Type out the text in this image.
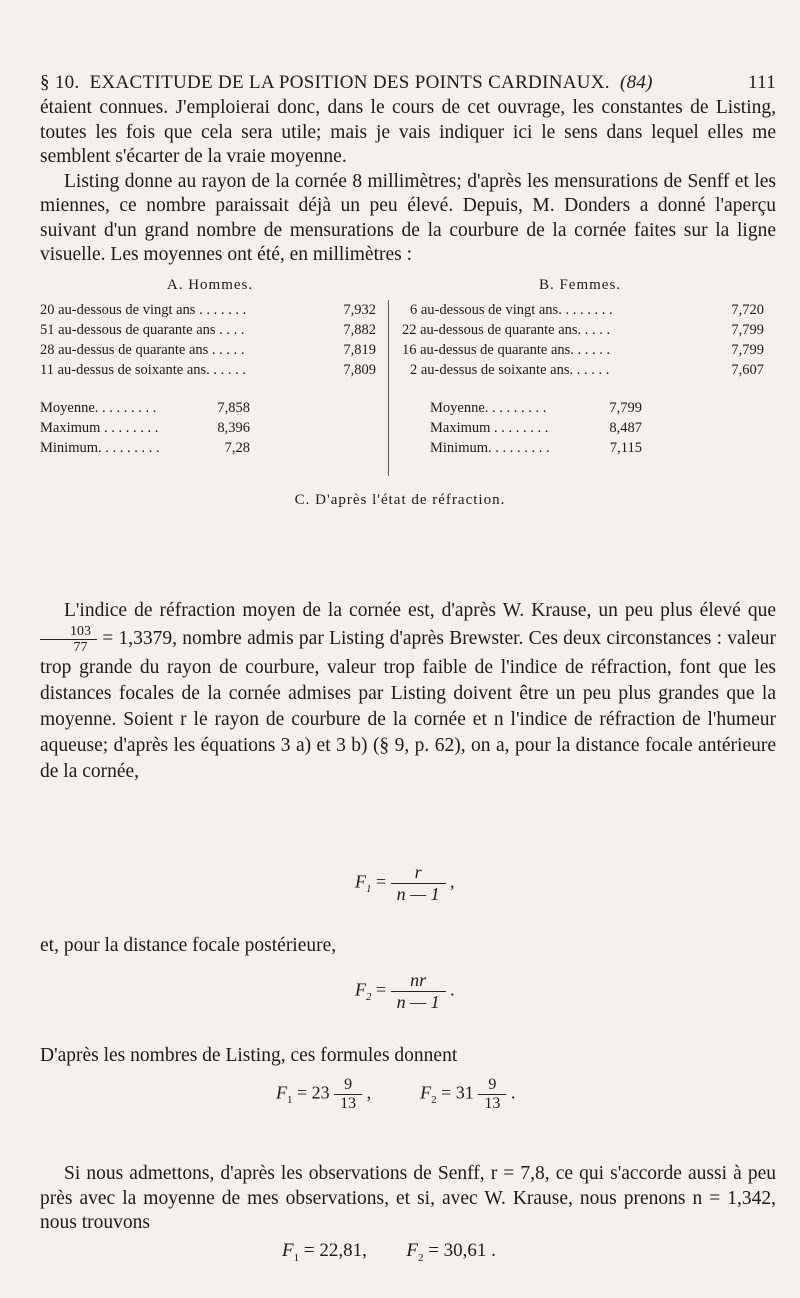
§ 10. EXACTITUDE DE LA POSITION DES POINTS CARDINAUX. (84)	111

étaient connues. J'emploierai donc, dans le cours de cet ouvrage, les constantes de Listing, toutes les fois que cela sera utile; mais je vais indiquer ici le sens dans lequel elles me semblent s'écarter de la vraie moyenne.

Listing donne au rayon de la cornée 8 millimètres; d'après les mensurations de Senff et les miennes, ce nombre paraissait déjà un peu élevé. Depuis, M. Donders a donné l'aperçu suivant d'un grand nombre de mensurations de la courbure de la cornée faites sur la ligne visuelle. Les moyennes ont été, en millimètres :

A. Hommes.
20 au-dessous de vingt ans . . . . . . .	7,932
51 au-dessous de quarante ans . . . .	7,882
28 au-dessus de quarante ans . . . . .	7,819
11 au-dessus de soixante ans. . . . . .	7,809
Moyenne. . . . . . . . .	7,858
Maximum . . . . . . . .	8,396
Minimum. . . . . . . . .	7,28
B. Femmes.
6 au-dessous de vingt ans. . . . . . . .	7,720
22 au-dessous de quarante ans. . . . .	7,799
16 au-dessus de quarante ans. . . . . .	7,799
2 au-dessus de soixante ans. . . . . .	7,607
Moyenne. . . . . . . . .	7,799
Maximum . . . . . . . .	8,487
Minimum. . . . . . . . .	7,115
C. D'après l'état de réfraction.

L'indice de réfraction moyen de la cornée est, d'après W. Krause, un peu plus élevé que
$\frac{103}{77} = 1,3379$, nombre admis par Listing d'après Brewster. Ces deux circonstances : valeur trop grande du rayon de courbure, valeur trop faible de l'indice de réfraction, font que les distances focales de la cornée admises par Listing doivent être un peu plus grandes que la moyenne. Soient r le rayon de courbure de la cornée et n l'indice de réfraction de l'humeur aqueuse; d'après les équations 3 a) et 3 b) (§ 9, p. 62), on a, pour la distance focale antérieure de la cornée,

$F_1 = \frac{r}{n — 1}$ ,

et, pour la distance focale postérieure,

$F_2 = \frac{nr}{n — 1}$ .

D'après les nombres de Listing, ces formules donnent

$F_1 = 23 \frac{9}{13}$ ,	$F_2 = 31 \frac{9}{13}$ .

Si nous admettons, d'après les observations de Senff, r = 7,8, ce qui s'accorde aussi à peu près avec la moyenne de mes observations, et si, avec W. Krause, nous prenons n = 1,342, nous trouvons

$F_1 = 22,81$, $F_2 = 30,61$ .
